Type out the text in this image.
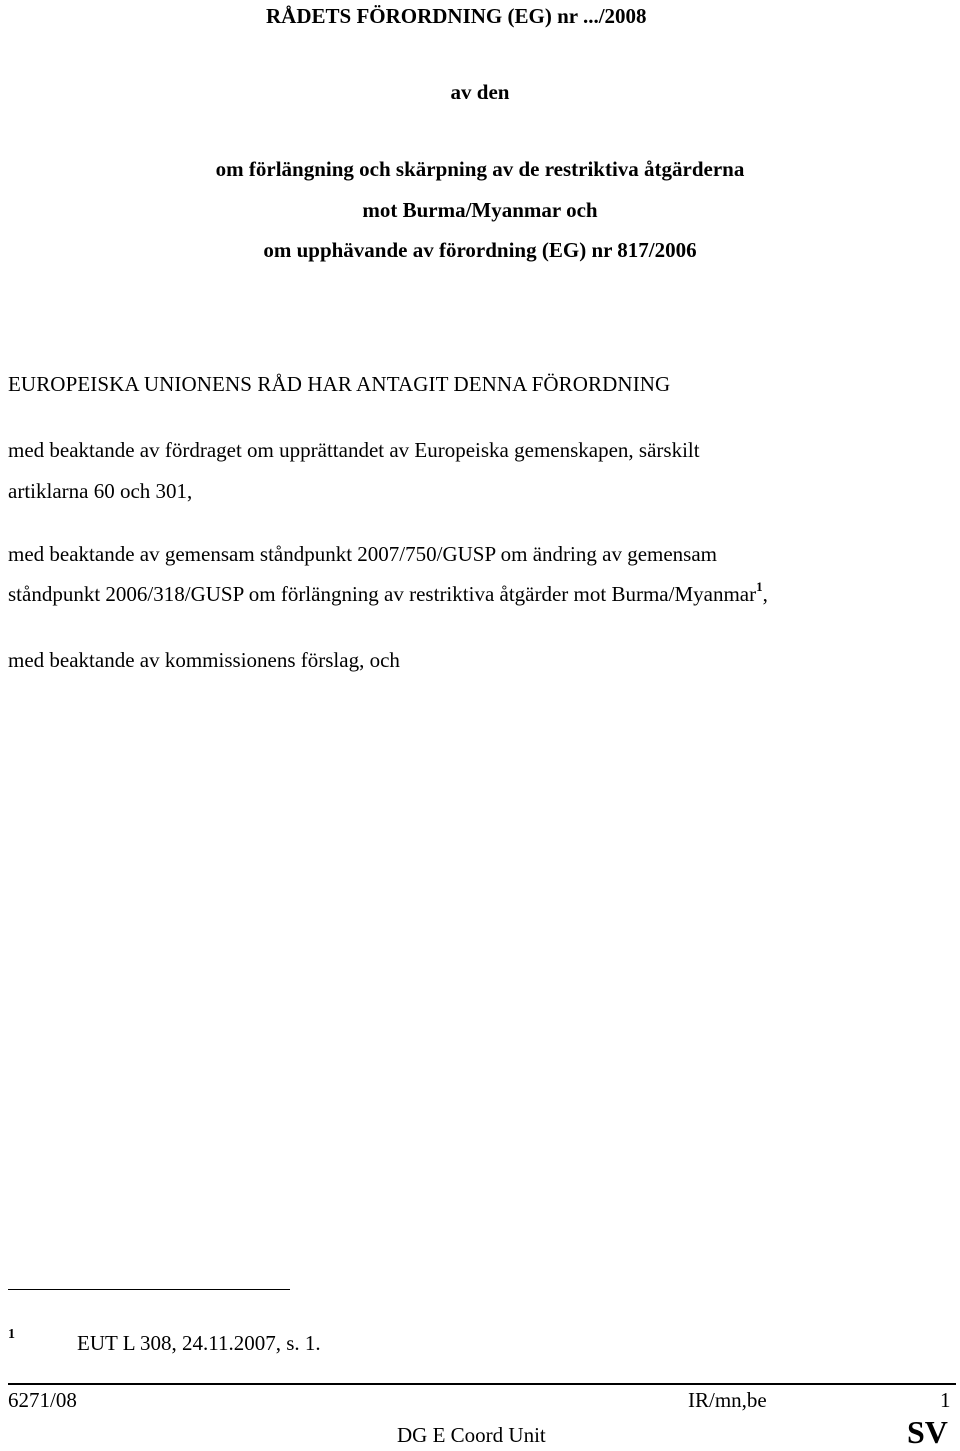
RÅDETS FÖRORDNING (EG) nr .../2008
av den
om förlängning och skärpning av de restriktiva åtgärderna
mot Burma/Myanmar och
om upphävande av förordning (EG) nr 817/2006
EUROPEISKA UNIONENS RÅD HAR ANTAGIT DENNA FÖRORDNING
med beaktande av fördraget om upprättandet av Europeiska gemenskapen, särskilt
artiklarna 60 och 301,
med beaktande av gemensam ståndpunkt 2007/750/GUSP om ändring av gemensam
ståndpunkt 2006/318/GUSP om förlängning av restriktiva åtgärder mot Burma/Myanmar$^1$,
med beaktande av kommissionens förslag, och
1	EUT L 308, 24.11.2007, s. 1.
6271/08	IR/mn,be	1
DG E Coord Unit	SV
